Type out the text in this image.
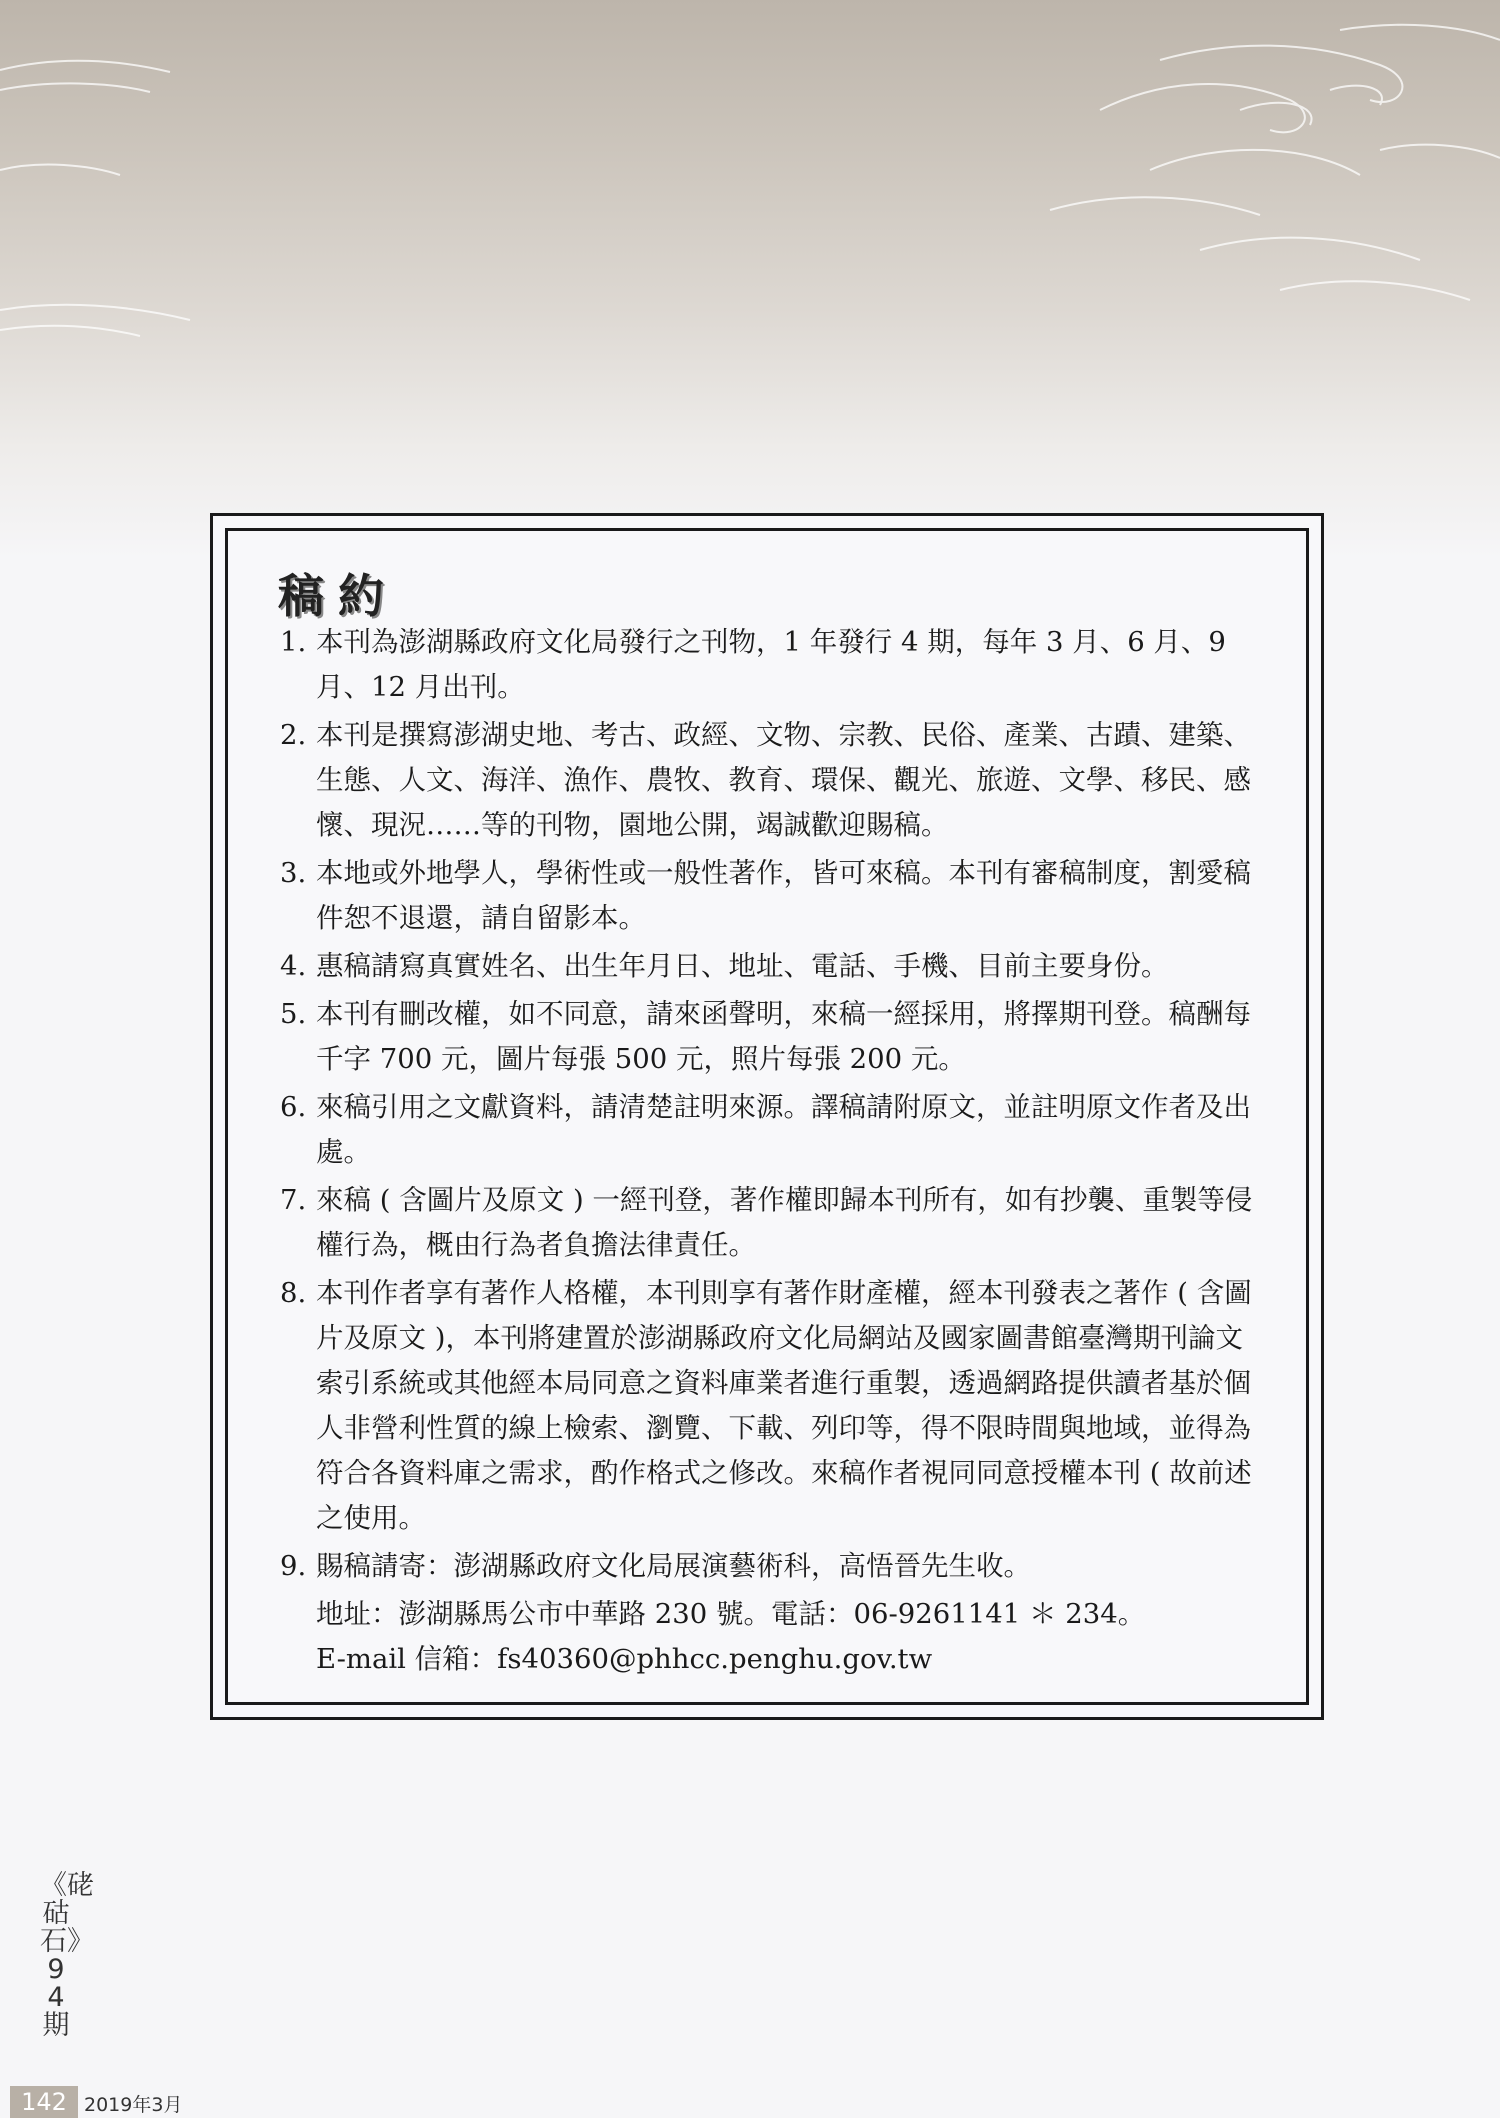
稿約
1. 本刊為澎湖縣政府文化局發行之刊物，1 年發行 4 期，每年 3 月、6 月、9 月、12 月出刊。
2. 本刊是撰寫澎湖史地、考古、政經、文物、宗教、民俗、產業、古蹟、建築、生態、人文、海洋、漁作、農牧、教育、環保、觀光、旅遊、文學、移民、感懷、現況……等的刊物，園地公開，竭誠歡迎賜稿。
3. 本地或外地學人，學術性或一般性著作，皆可來稿。本刊有審稿制度，割愛稿件恕不退還，請自留影本。
4. 惠稿請寫真實姓名、出生年月日、地址、電話、手機、目前主要身份。
5. 本刊有刪改權，如不同意，請來函聲明，來稿一經採用，將擇期刊登。稿酬每千字 700 元，圖片每張 500 元，照片每張 200 元。
6. 來稿引用之文獻資料，請清楚註明來源。譯稿請附原文，並註明原文作者及出處。
7. 來稿 ( 含圖片及原文 ) 一經刊登，著作權即歸本刊所有，如有抄襲、重製等侵權行為，概由行為者負擔法律責任。
8. 本刊作者享有著作人格權，本刊則享有著作財產權，經本刊發表之著作 ( 含圖片及原文 )，本刊將建置於澎湖縣政府文化局網站及國家圖書館臺灣期刊論文索引系統或其他經本局同意之資料庫業者進行重製，透過網路提供讀者基於個人非營利性質的線上檢索、瀏覽、下載、列印等，得不限時間與地域，並得為符合各資料庫之需求，酌作格式之修改。來稿作者視同同意授權本刊 ( 故前述之使用。
9. 賜稿請寄：澎湖縣政府文化局展演藝術科，高悟晉先生收。
地址：澎湖縣馬公市中華路 230 號。電話：06-9261141 ＊ 234。
E-mail 信箱：fs40360@phhcc.penghu.gov.tw
《硓𥑮石》94期
142 2019年3月
